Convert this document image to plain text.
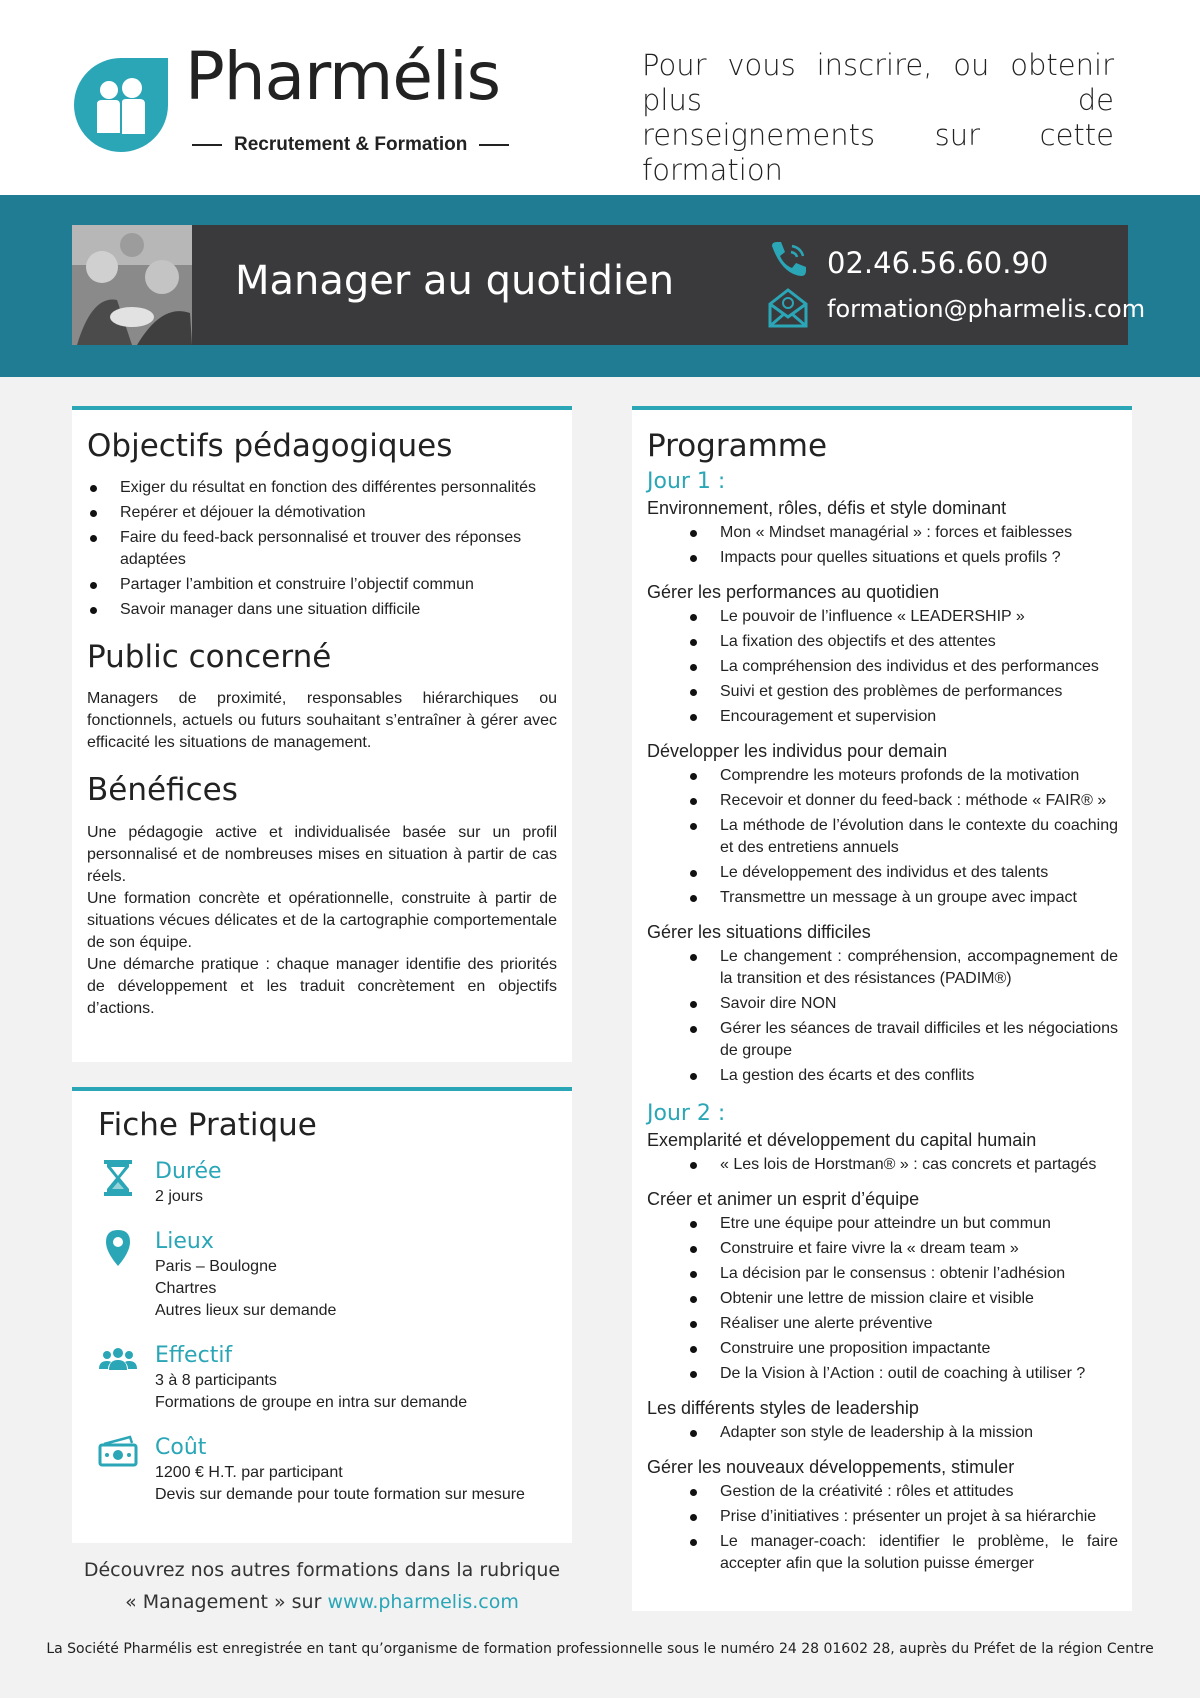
Pharmélis
Recrutement & Formation
Pour vous inscrire, ou obtenir plus de
renseignements sur cette formation
Manager au quotidien	02.46.56.60.90
formation@pharmelis.com
Objectifs pédagogiques
Exiger du résultat en fonction des différentes personnalités
Repérer et déjouer la démotivation
Faire du feed-back personnalisé et trouver des réponses adaptées
Partager l’ambition et construire l’objectif commun
Savoir manager dans une situation difficile
Public concerné

Managers de proximité, responsables hiérarchiques ou fonctionnels, actuels ou futurs souhaitant s’entraîner à gérer avec efficacité les situations de management.

Bénéfices

Une pédagogie active et individualisée basée sur un profil personnalisé et de nombreuses mises en situation à partir de cas réels.

Une formation concrète et opérationnelle, construite à partir de situations vécues délicates et de la cartographie comportementale de son équipe.

Une démarche pratique : chaque manager identifie des priorités de développement et les traduit concrètement en objectifs d’actions.

Fiche Pratique
Durée
2 jours
Lieux
Paris – Boulogne
Chartres
Autres lieux sur demande
Effectif
3 à 8 participants
Formations de groupe en intra sur demande
Coût
1200 € H.T. par participant
Devis sur demande pour toute formation sur mesure
Découvrez nos autres formations dans la rubrique
« Management » sur www.pharmelis.com
Programme
Jour 1 :
Environnement, rôles, défis et style dominant
Mon « Mindset managérial » : forces et faiblesses
Impacts pour quelles situations et quels profils ?
Gérer les performances au quotidien
Le pouvoir de l’influence « LEADERSHIP »
La fixation des objectifs et des attentes
La compréhension des individus et des performances
Suivi et gestion des problèmes de performances
Encouragement et supervision
Développer les individus pour demain
Comprendre les moteurs profonds de la motivation
Recevoir et donner du feed-back : méthode « FAIR® »
La méthode de l’évolution dans le contexte du coaching et des entretiens annuels
Le développement des individus et des talents
Transmettre un message à un groupe avec impact
Gérer les situations difficiles
Le changement : compréhension, accompagnement de la transition et des résistances (PADIM®)
Savoir dire NON
Gérer les séances de travail difficiles et les négociations de groupe
La gestion des écarts et des conflits
Jour 2 :
Exemplarité et développement du capital humain
« Les lois de Horstman® » : cas concrets et partagés
Créer et animer un esprit d’équipe
Etre une équipe pour atteindre un but commun
Construire et faire vivre la « dream team »
La décision par le consensus : obtenir l’adhésion
Obtenir une lettre de mission claire et visible
Réaliser une alerte préventive
Construire une proposition impactante
De la Vision à l’Action : outil de coaching à utiliser ?
Les différents styles de leadership
Adapter son style de leadership à la mission
Gérer les nouveaux développements, stimuler
Gestion de la créativité : rôles et attitudes
Prise d’initiatives : présenter un projet à sa hiérarchie
Le manager-coach: identifier le problème, le faire accepter afin que la solution puisse émerger
La Société Pharmélis est enregistrée en tant qu’organisme de formation professionnelle sous le numéro 24 28 01602 28, auprès du Préfet de la région Centre
